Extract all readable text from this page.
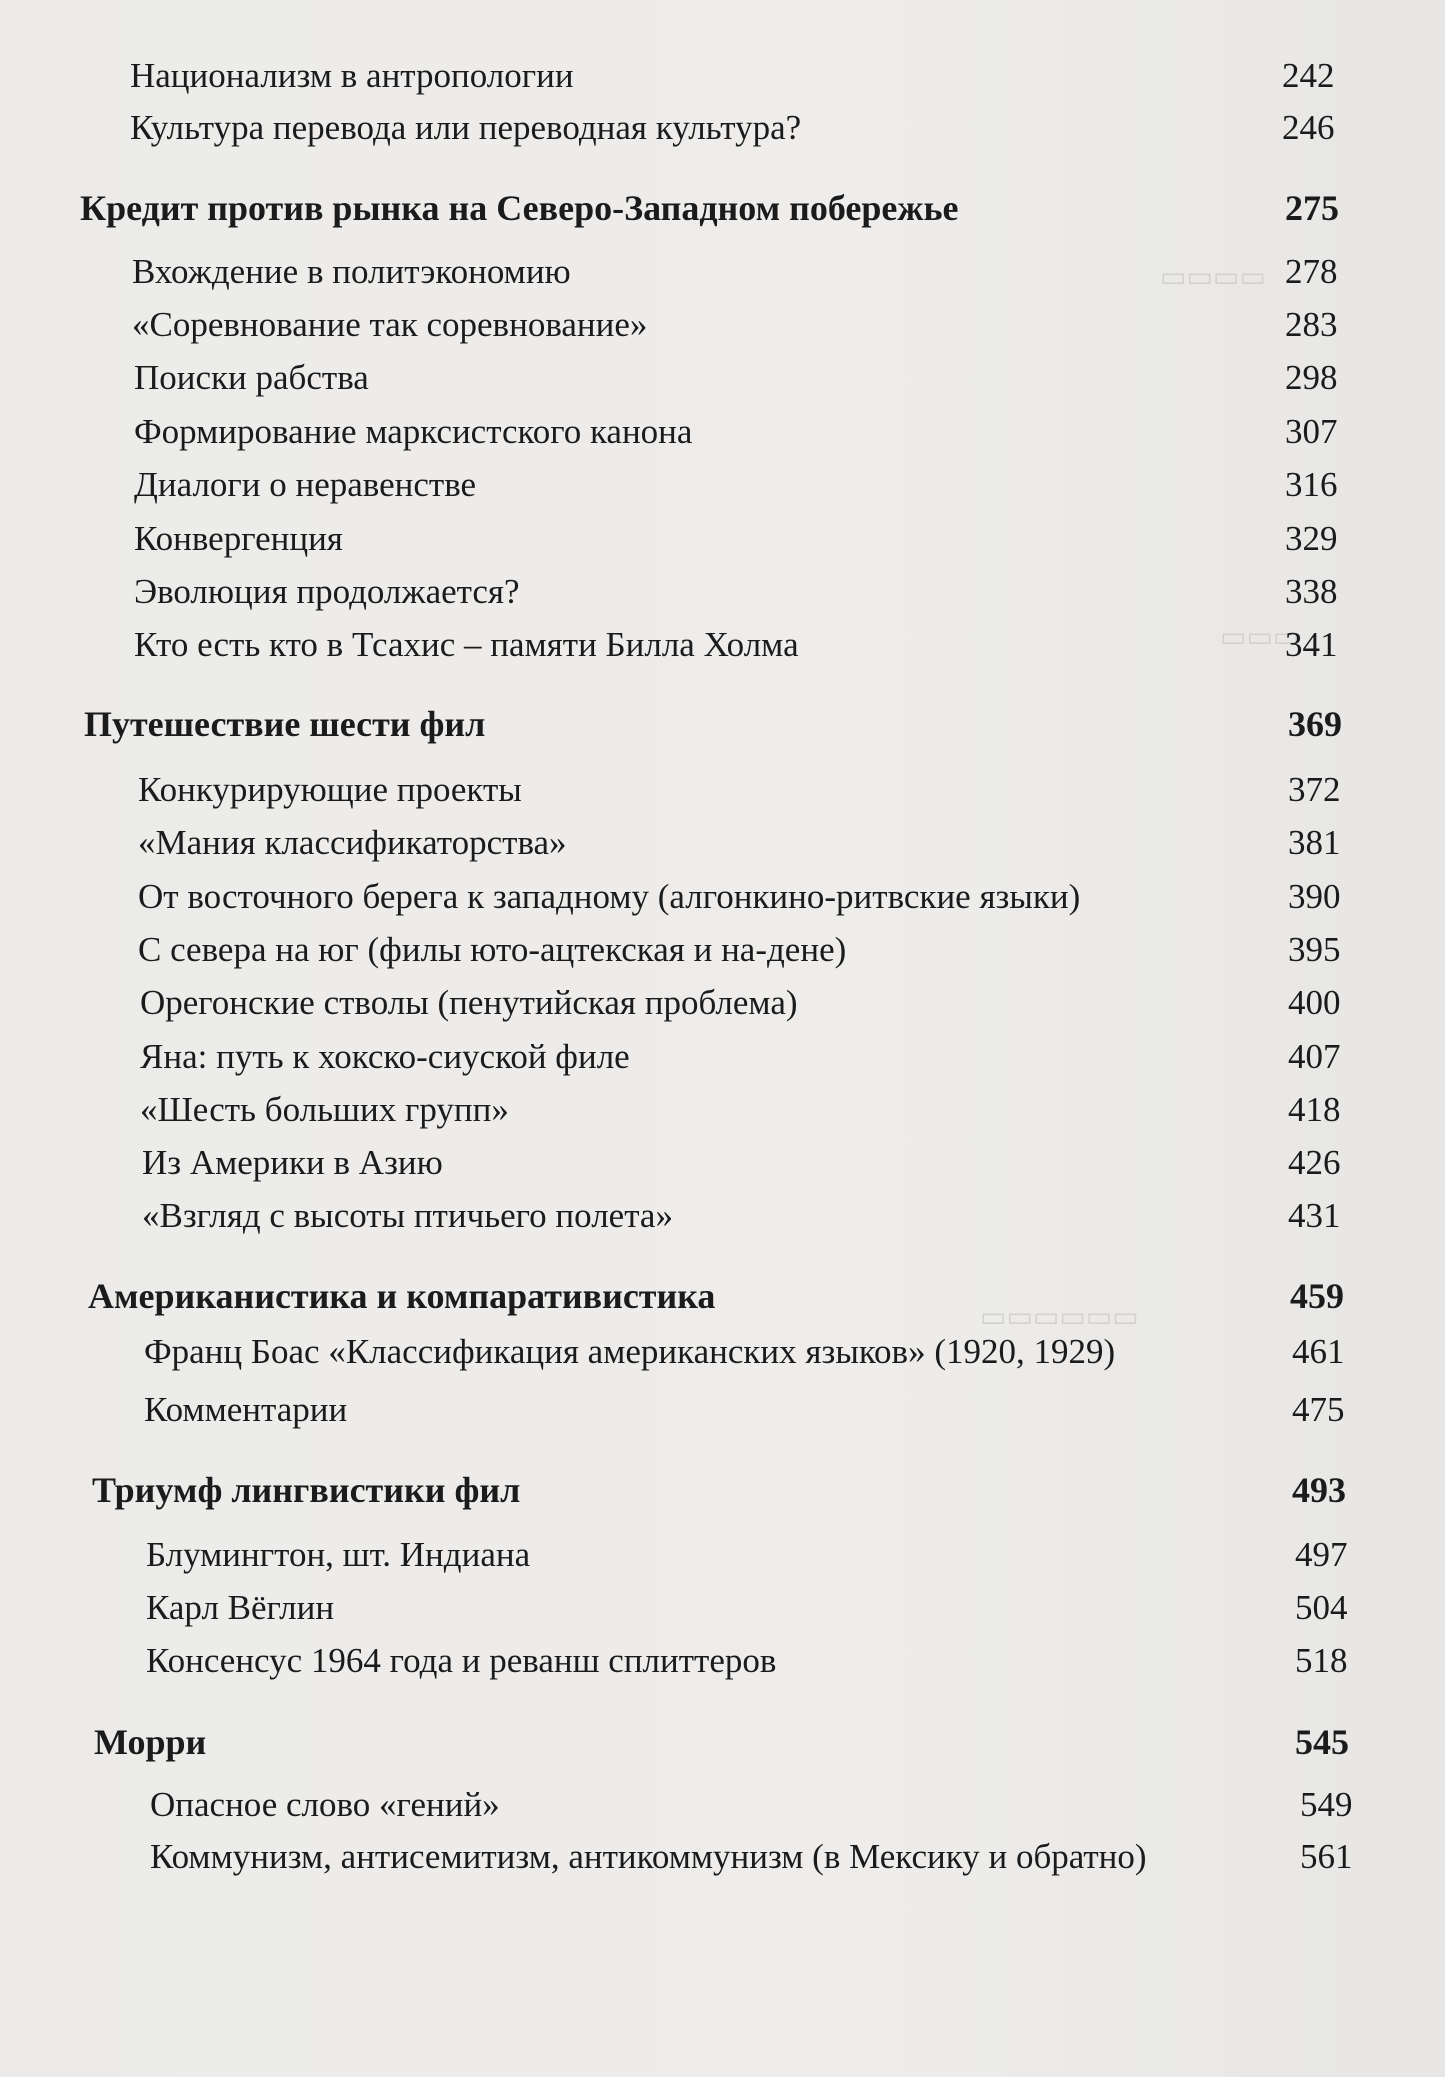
▭▭▭▭
▭▭▭
▭▭▭▭▭▭
Национализм в антропологии	242
Культура перевода или переводная культура?	246
Кредит против рынка на Северо-Западном побережье	275
Вхождение в политэкономию	278
«Соревнование так соревнование»	283
Поиски рабства	298
Формирование марксистского канона	307
Диалоги о неравенстве	316
Конвергенция	329
Эволюция продолжается?	338
Кто есть кто в Тсахис – памяти Билла Холма	341
Путешествие шести фил	369
Конкурирующие проекты	372
«Мания классификаторства»	381
От восточного берега к западному (алгонкино-ритвские языки)	390
С севера на юг (филы юто-ацтекская и на-дене)	395
Орегонские стволы (пенутийская проблема)	400
Яна: путь к хокско-сиуской филе	407
«Шесть больших групп»	418
Из Америки в Азию	426
«Взгляд с высоты птичьего полета»	431
Американистика и компаративистика	459
Франц Боас «Классификация американских языков» (1920, 1929)	461
Комментарии	475
Триумф лингвистики фил	493
Блумингтон, шт. Индиана	497
Карл Вёглин	504
Консенсус 1964 года и реванш сплиттеров	518
Морри	545
Опасное слово «гений»	549
Коммунизм, антисемитизм, антикоммунизм (в Мексику и обратно)	561
